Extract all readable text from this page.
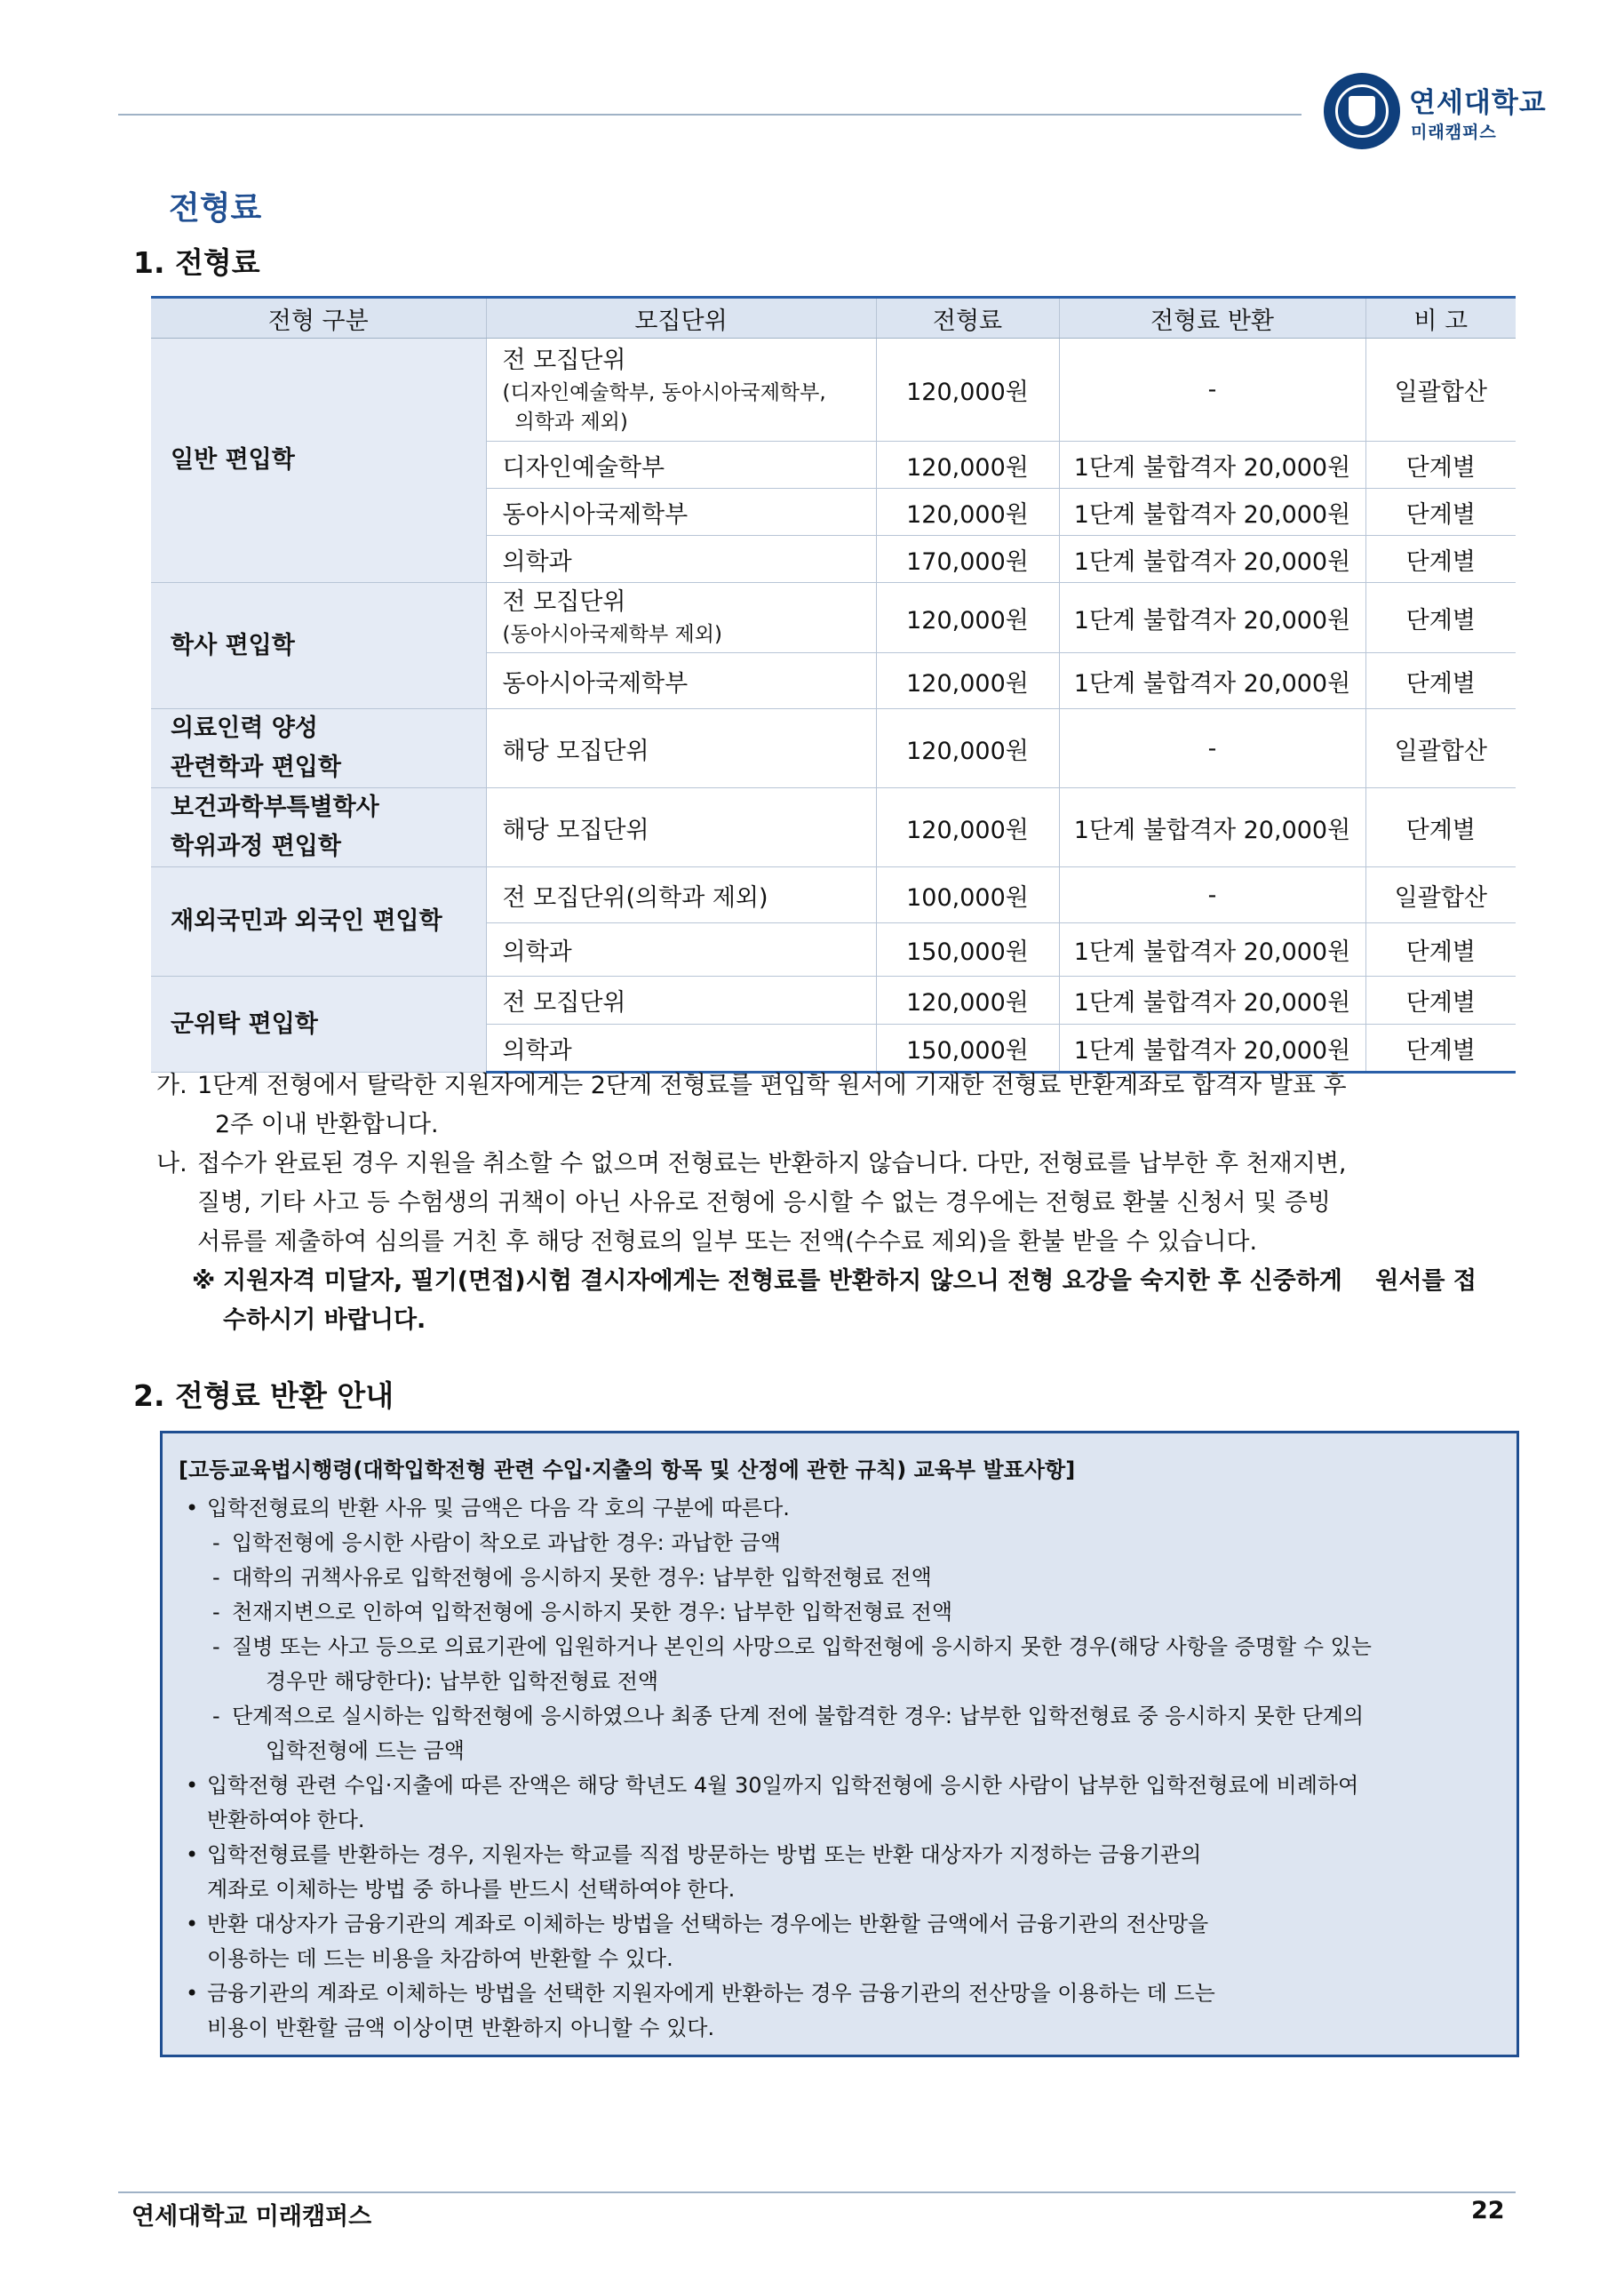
연세대학교
미래캠퍼스
전형료
1. 전형료
전형 구분	모집단위	전형료	전형료 반환	비 고
일반 편입학	전 모집단위
(디자인예술학부, 동아시아국제학부,
의학과 제외)	120,000원	-	일괄합산
	디자인예술학부	120,000원	1단계 불합격자 20,000원	단계별
	동아시아국제학부	120,000원	1단계 불합격자 20,000원	단계별
	의학과	170,000원	1단계 불합격자 20,000원	단계별
학사 편입학	전 모집단위
(동아시아국제학부 제외)	120,000원	1단계 불합격자 20,000원	단계별
	동아시아국제학부	120,000원	1단계 불합격자 20,000원	단계별

의료인력 양성
관련학과 편입학	해당 모집단위	120,000원	-	일괄합산

보건과학부특별학사
학위과정 편입학	해당 모집단위	120,000원	1단계 불합격자 20,000원	단계별
재외국민과 외국인 편입학	전 모집단위(의학과 제외)	100,000원	-	일괄합산
	의학과	150,000원	1단계 불합격자 20,000원	단계별
군위탁 편입학	전 모집단위	120,000원	1단계 불합격자 20,000원	단계별
	의학과	150,000원	1단계 불합격자 20,000원	단계별
가. 1단계 전형에서 탈락한 지원자에게는 2단계 전형료를 편입학 원서에 기재한 전형료 반환계좌로 합격자 발표 후
2주 이내 반환합니다.
나. 접수가 완료된 경우 지원을 취소할 수 없으며 전형료는 반환하지 않습니다. 다만, 전형료를 납부한 후 천재지변,
질병, 기타 사고 등 수험생의 귀책이 아닌 사유로 전형에 응시할 수 없는 경우에는 전형료 환불 신청서 및 증빙
서류를 제출하여 심의를 거친 후 해당 전형료의 일부 또는 전액(수수료 제외)을 환불 받을 수 있습니다.
※ 지원자격 미달자, 필기(면접)시험 결시자에게는 전형료를 반환하지 않으니 전형 요강을 숙지한 후 신중하게 원서를 접수하시기 바랍니다.
2. 전형료 반환 안내
[고등교육법시행령(대학입학전형 관련 수입·지출의 항목 및 산정에 관한 규칙) 교육부 발표사항]
• 입학전형료의 반환 사유 및 금액은 다음 각 호의 구분에 따른다.
- 입학전형에 응시한 사람이 착오로 과납한 경우: 과납한 금액
- 대학의 귀책사유로 입학전형에 응시하지 못한 경우: 납부한 입학전형료 전액
- 천재지변으로 인하여 입학전형에 응시하지 못한 경우: 납부한 입학전형료 전액
- 질병 또는 사고 등으로 의료기관에 입원하거나 본인의 사망으로 입학전형에 응시하지 못한 경우(해당 사항을 증명할 수 있는
경우만 해당한다): 납부한 입학전형료 전액
- 단계적으로 실시하는 입학전형에 응시하였으나 최종 단계 전에 불합격한 경우: 납부한 입학전형료 중 응시하지 못한 단계의
입학전형에 드는 금액
• 입학전형 관련 수입·지출에 따른 잔액은 해당 학년도 4월 30일까지 입학전형에 응시한 사람이 납부한 입학전형료에 비례하여
반환하여야 한다.
• 입학전형료를 반환하는 경우, 지원자는 학교를 직접 방문하는 방법 또는 반환 대상자가 지정하는 금융기관의
계좌로 이체하는 방법 중 하나를 반드시 선택하여야 한다.
• 반환 대상자가 금융기관의 계좌로 이체하는 방법을 선택하는 경우에는 반환할 금액에서 금융기관의 전산망을
이용하는 데 드는 비용을 차감하여 반환할 수 있다.
• 금융기관의 계좌로 이체하는 방법을 선택한 지원자에게 반환하는 경우 금융기관의 전산망을 이용하는 데 드는
비용이 반환할 금액 이상이면 반환하지 아니할 수 있다.
연세대학교 미래캠퍼스	22
